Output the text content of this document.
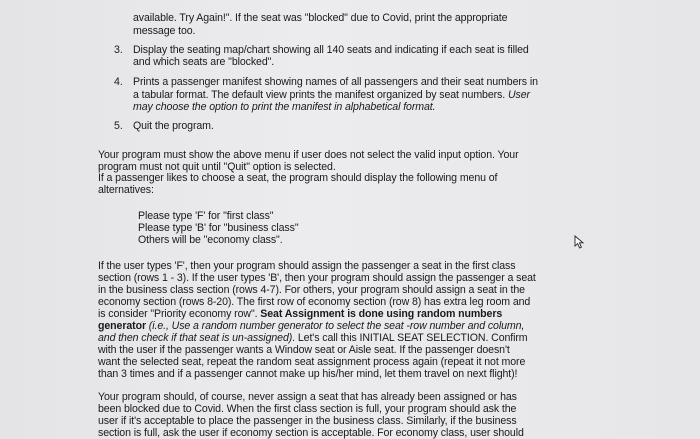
available. Try Again!". If the seat was "blocked" due to Covid, print the appropriate
message too.
3. Display the seating map/chart showing all 140 seats and indicating if each seat is filled
and which seats are "blocked".
4. Prints a passenger manifest showing names of all passengers and their seat numbers in
a tabular format. The default view prints the manifest organized by seat numbers. User
may choose the option to print the manifest in alphabetical format.
5. Quit the program.
Your program must show the above menu if user does not select the valid input option. Your
program must not quit until "Quit" option is selected.
If a passenger likes to choose a seat, the program should display the following menu of
alternatives:
Please type 'F' for "first class"
Please type 'B' for "business class"
Others will be "economy class".
If the user types 'F', then your program should assign the passenger a seat in the first class
section (rows 1 - 3). If the user types 'B', then your program should assign the passenger a seat
in the business class section (rows 4-7). For others, your program should assign a seat in the
economy section (rows 8-20). The first row of economy section (row 8) has extra leg room and
is consider "Priority economy row". Seat Assignment is done using random numbers
generator (i.e., Use a random number generator to select the seat -row number and column,
and then check if that seat is un-assigned). Let's call this INITIAL SEAT SELECTION. Confirm
with the user if the passenger wants a Window seat or Aisle seat. If the passenger doesn't
want the selected seat, repeat the random seat assignment process again (repeat it not more
than 3 times and if a passenger cannot make up his/her mind, let them travel on next flight)!
Your program should, of course, never assign a seat that has already been assigned or has
been blocked due to Covid. When the first class section is full, your program should ask the
user if it's acceptable to place the passenger in the business class. Similarly, if the business
section is full, ask the user if economy section is acceptable. For economy class, user should
